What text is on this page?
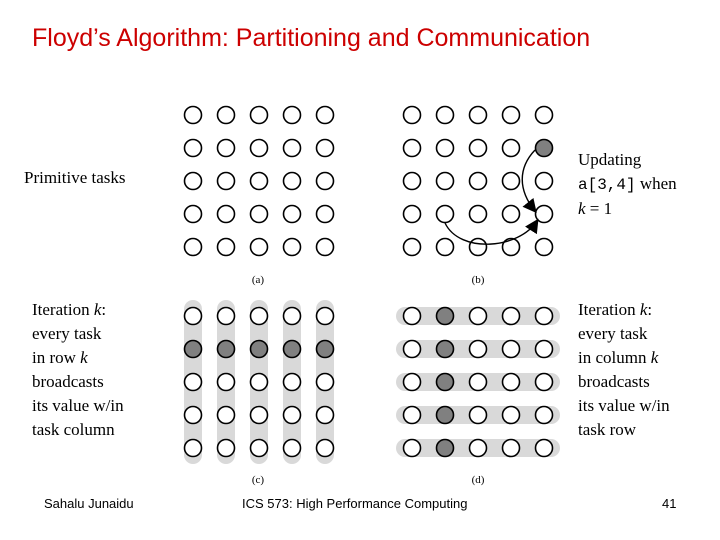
Floyd’s Algorithm: Partitioning and Communication
(a)	(b)
(c)	(d)
Primitive tasks
Iteration k:
every task
in row k
broadcasts
its value w/in
task column
Updating
a[3,4] when
k = 1
Iteration k:
every task
in column k
broadcasts
its value w/in
task row
Sahalu Junaidu	ICS 573: High Performance Computing	41
